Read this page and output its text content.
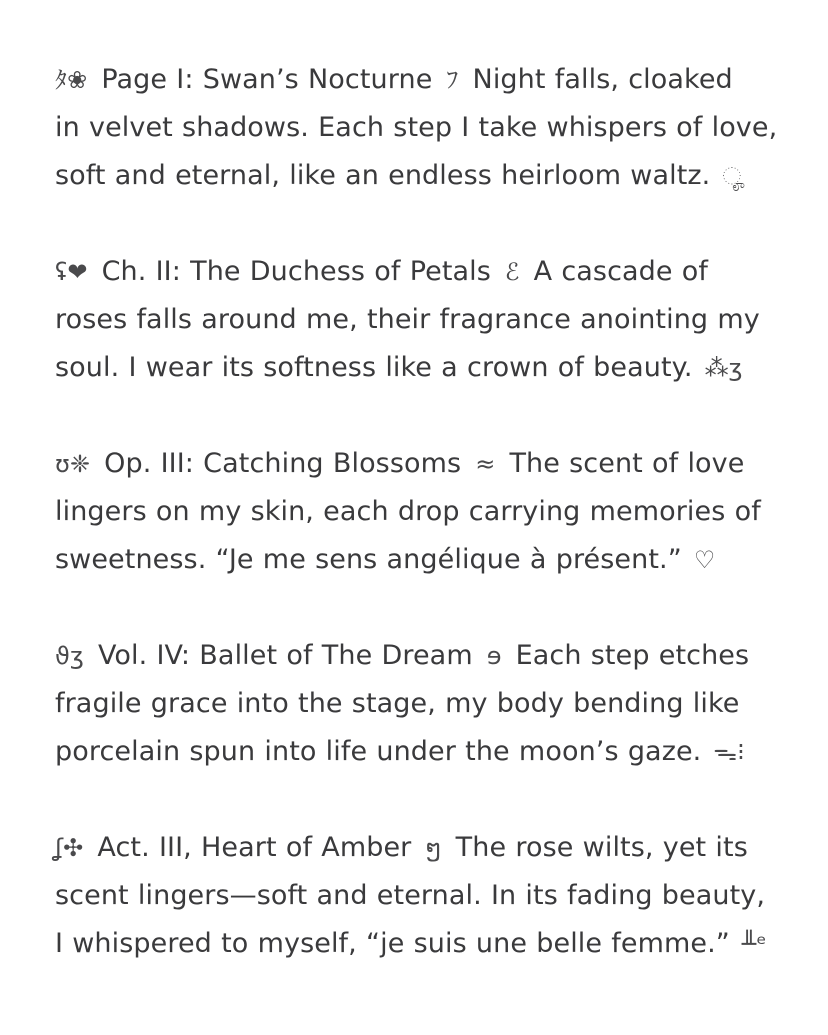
ﾀ❀ Page I: Swan’s Nocturne ﾌ Night falls, cloaked
in velvet shadows. Each step I take whispers of love,
soft and eternal, like an endless heirloom waltz. ೄ
ʢ❤ Ch. II: The Duchess of Petals ℰ A cascade of
roses falls around me, their fragrance anointing my
soul. I wear its softness like a crown of beauty. ⁂ʒ
ʊ❈ Op. III: Catching Blossoms ≈ The scent of love
lingers on my skin, each drop carrying memories of
sweetness. “Je me sens angélique à présent.” ♡
ϑʒ Vol. IV: Ballet of The Dream ɘ Each step etches
fragile grace into the stage, my body bending like
porcelain spun into life under the moon’s gaze. ᯓ⁝
ʆ✣ Act. III, Heart of Amber ໆ The rose wilts, yet its
scent lingers—soft and eternal. In its fading beauty,
I whispered to myself, “je suis une belle femme.” ╨ᵉ
